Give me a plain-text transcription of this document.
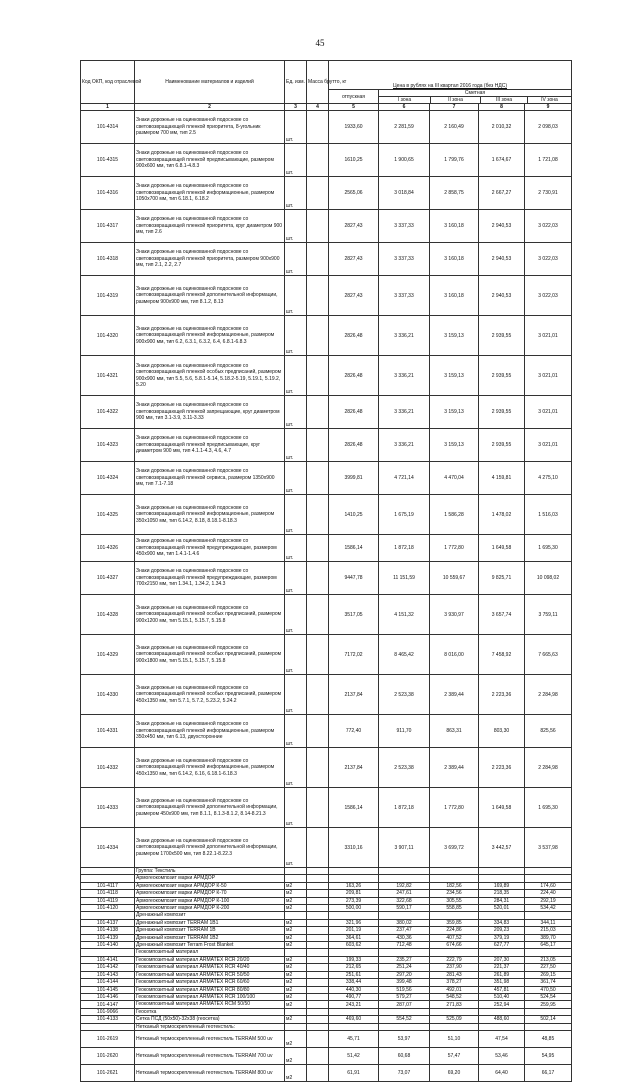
45
Код ОКП, код отраслевой	Наименование материалов и изделий	Ед. изм.	Масса брутто, кг	Цена в рублях на III квартал 2016 года (без НДС)				
				отпускная	Сметная
I зона II зона III зона IV зона			

1	2	3	4	5	6	7	8	9
101-4314	Знаки дорожные на оцинкованной подоснове со световозвращающей пленкой приоритета, 8-угольник размером 700 мм, тип 2.5	шт.		1933,60	2 281,59	2 160,49	2 010,32	2 098,03
101-4315	Знаки дорожные на оцинкованной подоснове со световозвращающей пленкой предписывающие, размером 900х600 мм, тип 6.8.1-4.8.3	шт.		1610,25	1 900,65	1 799,76	1 674,67	1 721,08
101-4316	Знаки дорожные на оцинкованной подоснове со световозвращающей пленкой информационные, размером 1050х700 мм, тип 6.18.1, 6.18.2	шт.		2565,06	3 018,84	2 858,75	2 667,27	2 730,91
101-4317	Знаки дорожные на оцинкованной подоснове со световозвращающей пленкой приоритета, круг диаметром 900 мм, тип 2.6	шт.		2827,43	3 337,33	3 160,18	2 940,53	3 022,03
101-4318	Знаки дорожные на оцинкованной подоснове со световозвращающей пленкой приоритета, размером 900х900 мм, тип 2.1, 2.2, 2.7	шт.		2827,43	3 337,33	3 160,18	2 940,53	3 022,03
101-4319	Знаки дорожные на оцинкованной подоснове со световозвращающей пленкой дополнительной информации, размером 900х900 мм, тип 8.1.2, 8.13	шт.		2827,43	3 337,33	3 160,18	2 940,53	3 022,03
101-4320	Знаки дорожные на оцинкованной подоснове со световозвращающей пленкой информационные, размером 900х900 мм, тип 6.2, 6.3.1, 6.3.2, 6.4, 6.8.1-6.8.3	шт.		2826,48	3 336,21	3 159,13	2 939,55	3 021,01
101-4321	Знаки дорожные на оцинкованной подоснове со световозвращающей пленкой особых предписаний, размером 900х900 мм, тип 5.5, 5.6, 5.8.1-5.14, 5.18.2-5.19, 5.19.1, 5.19.2, 5.20	шт.		2826,48	3 336,21	3 159,13	2 939,55	3 021,01
101-4322	Знаки дорожные на оцинкованной подоснове со световозвращающей пленкой запрещающие, круг диаметром 900 мм, тип 3.1-3.9, 3.11-3.33	шт.		2826,48	3 336,21	3 159,13	2 939,55	3 021,01
101-4323	Знаки дорожные на оцинкованной подоснове со световозвращающей пленкой предписывающие, круг диаметром 900 мм, тип 4.1.1-4.3, 4.6, 4.7	шт.		2826,48	3 336,21	3 159,13	2 939,55	3 021,01
101-4324	Знаки дорожные на оцинкованной подоснове со световозвращающей пленкой сервиса, размером 1350х900 мм, тип 7.1-7.18	шт.		3999,81	4 721,14	4 470,04	4 159,81	4 275,10
101-4325	Знаки дорожные на оцинкованной подоснове со световозвращающей пленкой информационные, размером 350х1050 мм, тип 6.14.2, 8.18, 8.18.1-8.18.3	шт.		1410,25	1 675,19	1 586,28	1 478,02	1 516,03
101-4326	Знаки дорожные на оцинкованной подоснове со световозвращающей пленкой предупреждающие, размером 450х900 мм, тип 1.4.1-1.4.6	шт.		1586,14	1 872,18	1 772,80	1 649,58	1 695,30
101-4327	Знаки дорожные на оцинкованной подоснове со световозвращающей пленкой предупреждающие, размером 700х2150 мм, тип 1.34.1, 1.34.2, 1.34.3	шт.		9447,78	11 151,59	10 559,67	9 825,71	10 098,02
101-4328	Знаки дорожные на оцинкованной подоснове со световозвращающей пленкой особых предписаний, размером 900х1200 мм, тип 5.15.1, 5.15.7, 5.15.8	шт.		3517,05	4 151,32	3 930,97	3 657,74	3 759,11
101-4329	Знаки дорожные на оцинкованной подоснове со световозвращающей пленкой особых предписаний, размером 900х1800 мм, тип 5.15.1, 5.15.7, 5.15.8	шт.		7172,02	8 465,42	8 016,00	7 458,92	7 665,63
101-4330	Знаки дорожные на оцинкованной подоснове со световозвращающей пленкой особых предписаний, размером 450х1350 мм, тип 5.7.1, 5.7.2, 5.23.2, 5.24.2	шт.		2137,84	2 523,38	2 389,44	2 223,36	2 284,98
101-4331	Знаки дорожные на оцинкованной подоснове со световозвращающей пленкой информационные, размером 350х450 мм, тип 6.13, двухсторонние	шт.		772,40	911,70	863,31	803,30	825,56
101-4332	Знаки дорожные на оцинкованной подоснове со световозвращающей пленкой информационные, размером 450х1350 мм, тип 6.14.2, 6.16, 6.18.1-6.18.3	шт.		2137,84	2 523,38	2 389,44	2 223,36	2 284,98
101-4333	Знаки дорожные на оцинкованной подоснове со световозвращающей пленкой дополнительной информации, размером 450х900 мм, тип 8.1.1, 8.1.3-8.1.2, 8.14-8.21.3	шт.		1586,14	1 872,18	1 772,80	1 649,58	1 695,30
101-4334	Знаки дорожные на оцинкованной подоснове со световозвращающей пленкой дополнительной информации, размером 1700х500 мм, тип 8.22.1-8.22.3	шт.		3310,16	3 907,11	3 699,72	3 442,57	3 537,98
	Группа: Текстиль							
	Армогеокомпозит марки АРМДОР							
101-4117	Армогеокомпозит марки АРМДОР К-50	м2		163,26	192,82	182,56	169,89	174,60
101-4118	Армогеокомпозит марки АРМДОР К-70	м2		209,81	247,61	234,56	218,35	224,40
101-4119	Армогеокомпозит марки АРМДОР К-100	м2		273,39	322,68	305,55	284,31	292,19
101-4120	Армогеокомпозит марки АРМДОР К-200	м2		500,00	590,17	558,85	520,01	534,42
	Дренажный композит							
101-4137	Дренажный композит TERRAM 1B1	м2		321,96	380,02	359,85	334,83	344,11
101-4138	Дренажный композит TERRAM 1B	м2		201,19	237,47	224,86	209,23	215,03
101-4139	Дренажный композит TERRAM 1B2	м2		364,61	430,36	407,52	379,19	389,70
101-4140	Дренажный композит Terram Frost Blanket	м2		603,62	712,48	674,66	627,77	645,17
	Геокомпозитный материал							
101-4141	Геокомпозитный материал ARMATEX RCR 20/20	м2		199,33	235,27	222,79	207,30	213,05
101-4142	Геокомпозитный материал ARMATEX RCR 40/40	м2		212,65	251,24	237,90	221,37	227,50
101-4143	Геокомпозитный материал ARMATEX RCR 50/50	м2		251,61	297,20	281,43	261,89	269,15
101-4144	Геокомпозитный материал ARMATEX RCR 60/60	м2		338,44	399,48	378,27	351,98	361,74
101-4145	Геокомпозитный материал ARMATEX RCR 80/80	м2		440,30	519,56	492,01	457,81	470,50
101-4146	Геокомпозитный материал ARMATEX RCR 100/100	м2		490,77	579,27	548,52	510,40	524,54
101-4147	Геокомпозитный материал ARMATEX RCM 50/50	м2		243,21	287,07	271,83	252,94	259,95
101-9066	Геосетка							
101-4133	Сетка ПСД (50х50)-32х38 (геосетка)	м2		469,60	554,52	525,09	488,60	502,14
	Нетканый термоскрепленный геотекстиль:							
101-2619	Нетканый термоскрепленный геотекстиль TERRAM 500 uv	м2		45,71	53,97	51,10	47,54	48,85
101-2620	Нетканый термоскрепленный геотекстиль TERRAM 700 uv	м2		51,42	60,68	57,47	53,46	54,95
101-2621	Нетканый термоскрепленный геотекстиль TERRAM 800 uv	м2		61,91	73,07	69,20	64,40	66,17
